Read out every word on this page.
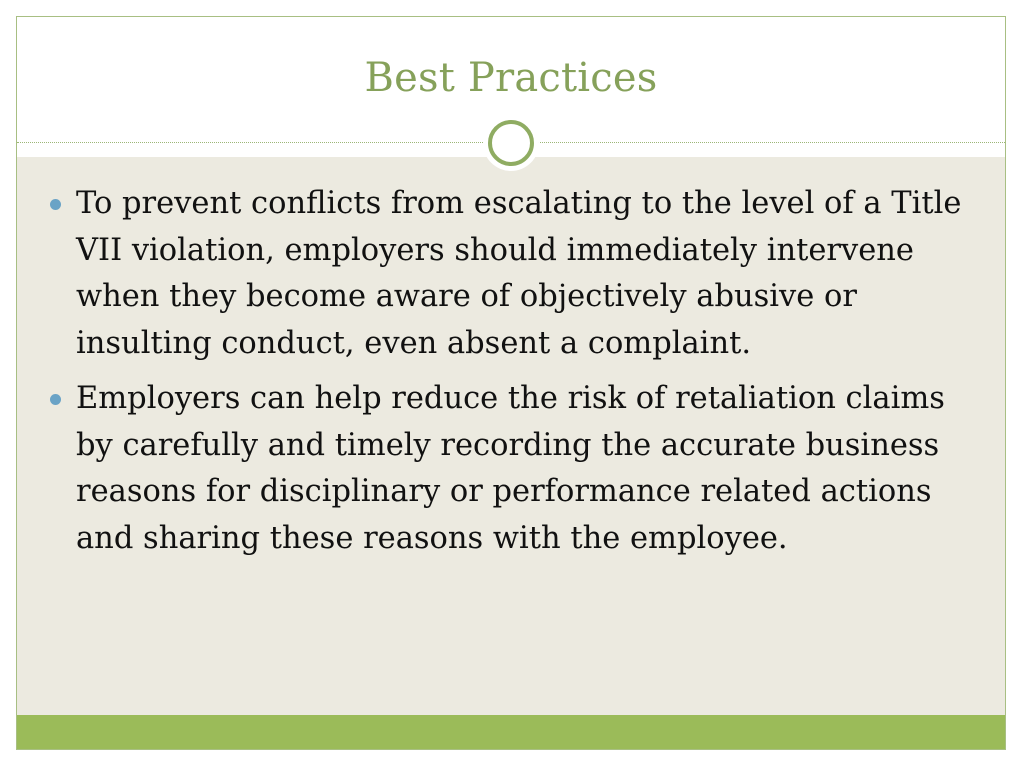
Best Practices
To prevent conflicts from escalating to the level of a Title VII violation, employers should immediately intervene when they become aware of objectively abusive or insulting conduct, even absent a complaint.
Employers can help reduce the risk of retaliation claims by carefully and timely recording the accurate business reasons for disciplinary or performance related actions and sharing these reasons with the employee.
